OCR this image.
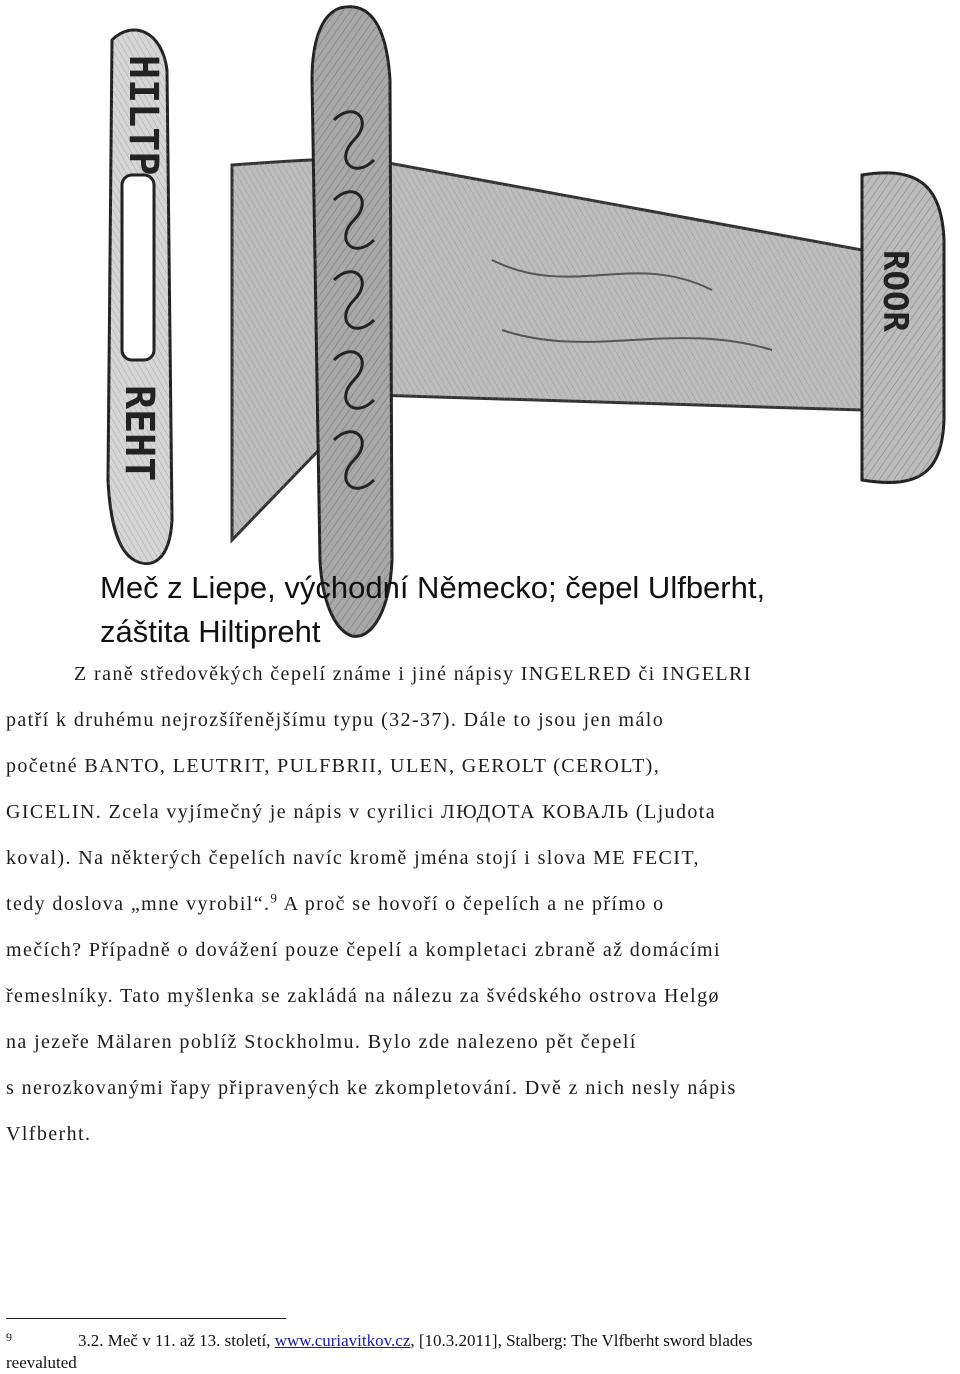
HILTP
REHT
ROOR
Meč z Liepe, východní Německo; čepel Ulfberht,
záštita Hiltipreht
Z raně středověkých čepelí známe i jiné nápisy INGELRED či INGELRI
patří k druhému nejrozšířenějšímu typu (32-37). Dále to jsou jen málo
početné BANTO, LEUTRIT, PULFBRII, ULEN, GEROLT (CEROLT),
GICELIN. Zcela vyjímečný je nápis v cyrilici ЛЮДОТА КОВАЛЬ (Ljudota
koval). Na některých čepelích navíc kromě jména stojí i slova ME FECIT,
tedy doslova „mne vyrobil“.$^9$ A proč se hovoří o čepelích a ne přímo o
mečích? Případně o dovážení pouze čepelí a kompletaci zbraně až domácími
řemeslníky. Tato myšlenka se zakládá na nálezu za švédského ostrova Helgø
na jezeře Mälaren poblíž Stockholmu. Bylo zde nalezeno pět čepelí
s nerozkovanými řapy připravených ke zkompletování. Dvě z nich nesly nápis
Vlfberht.
9	3.2. Meč v 11. až 13. století, www.curiavitkov.cz, [10.3.2011], Stalberg: The Vlfberht sword blades
reevaluted
